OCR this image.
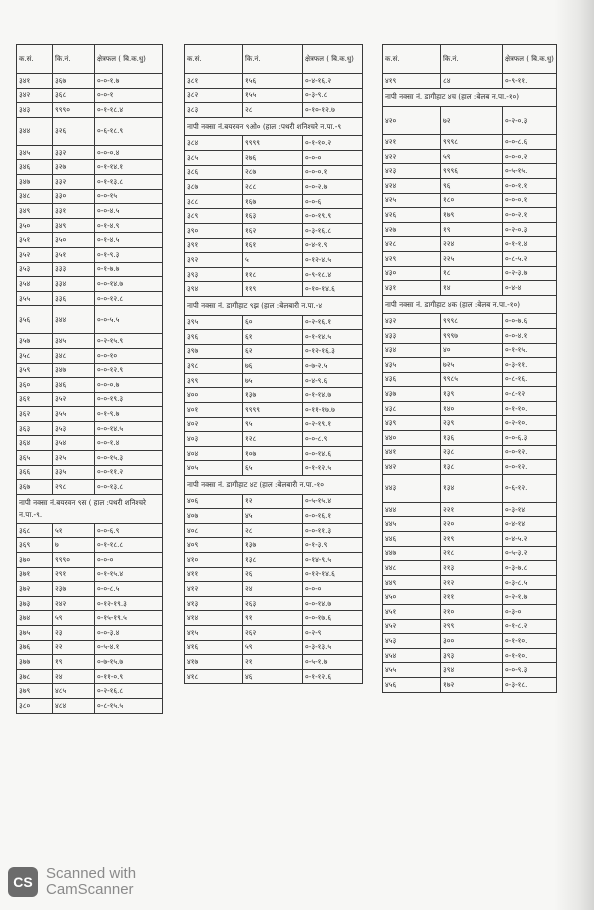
क.सं.	कि.नं.	क्षेत्रफल ( बि.क.धु)
३४१	३६७	०-०-१.७
३४२	३६८	०-०-१
३४३	९९९०	०-१-१८.४
३४४	३२६	०-६-१८.९
३४५	३३२	०-०-०.४
३४६	३२७	०-१-१४.१
३४७	३३२	०-१-१३.८
३४८	३३०	०-०-१५
३४९	३३१	०-०-४.५
३५०	३४९	०-१-४.९
३५१	३५०	०-१-४.५
३५२	३५१	०-१-९.३
३५३	३३३	०-१-७.७
३५४	३३४	०-०-१४.७
३५५	३३६	०-०-१२.८
३५६	३४४	०-०-५.५
३५७	३४५	०-२-१५.९
३५८	३४८	०-०-१०
३५९	३४७	०-०-१२.९
३६०	३४६	०-०-०.७
३६१	३५२	०-०-१९.३
३६२	३५५	०-१-९.७
३६३	३५३	०-०-१४.५
३६४	३५४	०-०-१.४
३६५	३२५	०-०-१५.३
३६६	३३५	०-०-११.२
३६७	२९८	०-०-१३.८
नापी नक्सा नं.बयरवन ९स ( हाल :पथरी शनिश्चरे न.पा.-९.		
३६८	५१	०-०-६.९
३६९	७	०-१-१८.८
३७०	९९९०	०-०-०
३७१	२९१	०-१-१५.४
३७२	२३७	०-०-८.५
३७३	२४२	०-१२-१९.३
३७४	५९	०-१५-१९.५
३७५	२३	०-०-३.४
३७६	२२	०-५-४.१
३७७	१९	०-७-१५.७
३७८	२४	०-११-०.९
३७९	४८५	०-२-१६.८
३८०	४८४	०-८-१५.५
क.सं.	कि.नं.	क्षेत्रफल ( बि.क.धु)
३८१	१५६	०-४-१६.२
३८२	१५५	०-३-९.८
३८३	२८	०-१०-१२.७
नापी नक्सा नं.बयरवन ९ओ० (हाल :पथरी शनिश्चरे न.पा.-९		
३८४	९९९९	०-१-१०.२
३८५	२७६	०-०-०
३८६	२८७	०-०-०.१
३८७	२८८	०-०-२.७
३८८	१६७	०-०-६
३८९	१६३	०-०-१९.९
३९०	१६२	०-३-१६.८
३९१	१६१	०-४-१.९
३९२	५	०-१२-४.५
३९३	११८	०-९-१८.४
३९४	११९	०-१०-१४.६
नापी नक्सा नं. डागीहाट ९झ (हाल :बेलबारी न.पा.-४		
३९५	६०	०-२-१६.१
३९६	६१	०-१-१४.५
३९७	६२	०-१२-१६.३
३९८	७६	०-७-२.५
३९९	७५	०-४-९.६
४००	१३७	०-१-१४.७
४०१	९९९९	०-११-१७.७
४०२	९५	०-२-१९.१
४०३	१२८	०-०-८.९
४०४	१०७	०-०-१४.६
४०५	६५	०-१-१२.५
नापी नक्सा नं. डागीहाट ४ट (हाल :बेलबारी न.पा.-१०		
४०६	१२	०-५-१५.४
४०७	४५	०-०-१६.१
४०८	२८	०-०-११.३
४०९	१३७	०-१-३.९
४१०	१३८	०-१४-९.५
४११	२६	०-१२-१४.६
४१२	२४	०-०-०
४१३	२६३	०-०-१४.७
४१४	९१	०-०-१७.६
४१५	२६२	०-२-९
४१६	५९	०-३-१३.५
४१७	२१	०-५-१.७
४१८	४६	०-१-१२.६
क.सं.	कि.नं.	क्षेत्रफल ( बि.क.धु)
४१९	८४	०-९-११.
नापी नक्सा नं. डागीहाट ४च (हाल :बेलब न.पा.-१०)		
४२०	७२	०-२-०.३
४२१	९९९८	०-०-८.६
४२२	५९	०-०-०.२
४२३	९९९६	०-५-१५.
४२४	९६	०-०-१.१
४२५	१८०	०-०-०.१
४२६	१७९	०-०-२.१
४२७	१९	०-२-०.३
४२८	२२४	०-१-१.४
४२९	२२५	०-८-५.२
४३०	१८	०-२-३.७
४३१	१४	०-४-४
नापी नक्सा नं. डागीहाट ४क (हाल :बेलब न.पा.-१०)		
४३२	९९९८	०-०-७.६
४३३	९९९७	०-०-४.१
४३४	४०	०-१-१५.
४३५	७२५	०-३-११.
४३६	९९८५	०-८-१६.
४३७	१३९	०-८-१२
४३८	१४०	०-१-१०.
४३९	२३९	०-२-१०.
४४०	१३६	०-०-६.३
४४१	२३८	०-०-१२.
४४२	१३८	०-०-१२.
४४३	१३४	०-६-१२.
४४४	२२१	०-३-१४
४४५	२२०	०-४-१४
४४६	२१९	०-४-५.२
४४७	२१८	०-५-३.२
४४८	२१३	०-३-७.८
४४९	२१२	०-३-८.५
४५०	२११	०-२-१.७
४५१	२१०	०-३-०
४५२	२९९	०-१-८.२
४५३	३००	०-१-१०.
४५४	३९३	०-१-१०.
४५५	३९४	०-०-९.३
४५६	१७२	०-३-१८.
CS Scanned with
CamScanner
